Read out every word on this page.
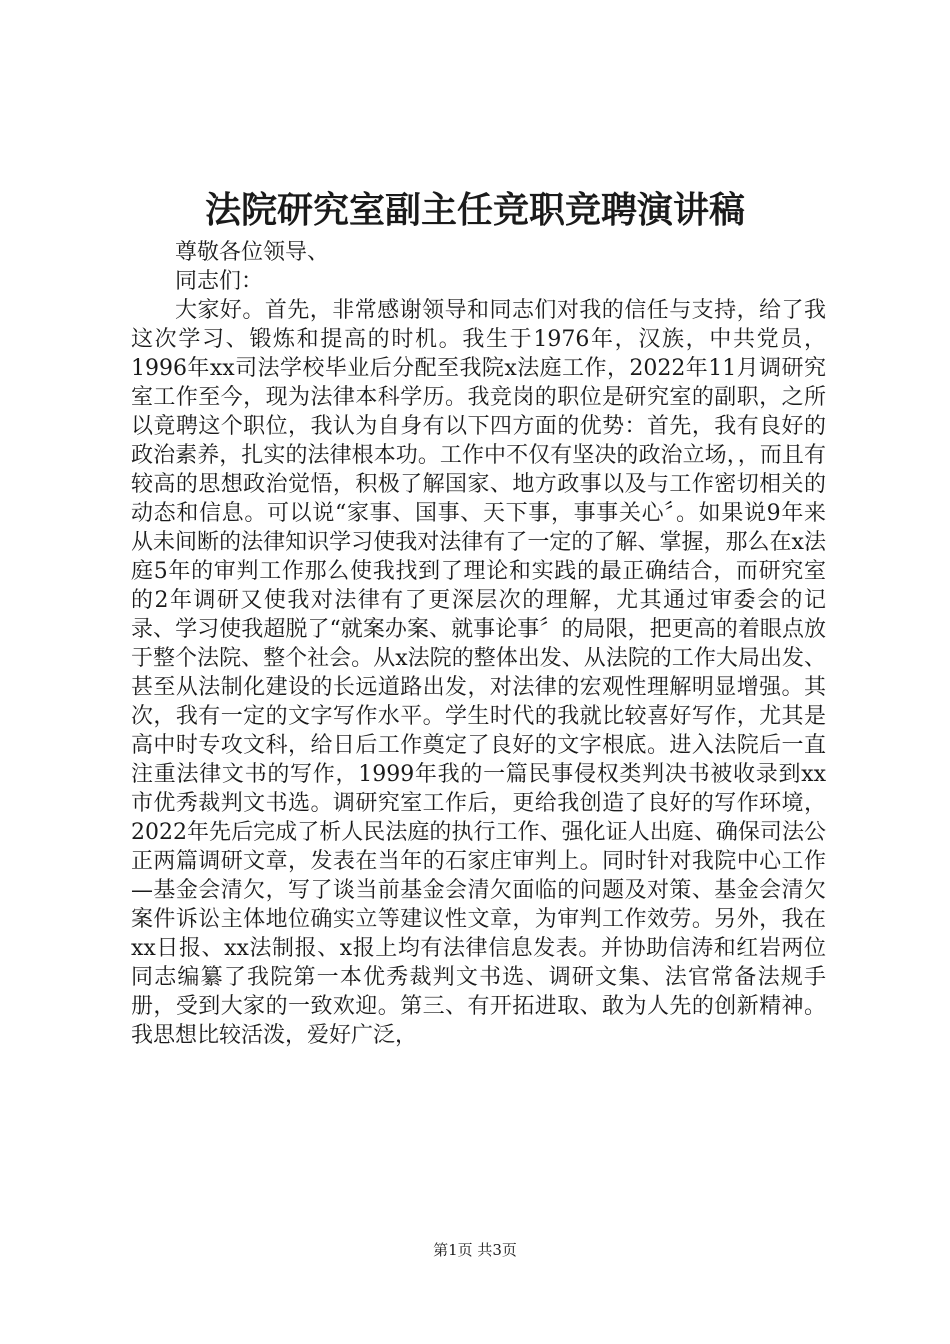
法院研究室副主任竞职竞聘演讲稿

尊敬各位领导、

同志们：

大家好。首先，非常感谢领导和同志们对我的信任与支持，给了我这次学习、锻炼和提高的时机。我生于1976年，汉族，中共党员，1996年xx司法学校毕业后分配至我院x法庭工作，2022年11月调研究室工作至今，现为法律本科学历。我竞岗的职位是研究室的副职，之所以竟聘这个职位，我认为自身有以下四方面的优势：首先，我有良好的政治素养，扎实的法律根本功。工作中不仅有坚决的政治立场，，而且有较高的思想政治觉悟，积极了解国家、地方政事以及与工作密切相关的动态和信息。可以说“家事、国事、天下事，事事关心〞。如果说9年来从未间断的法律知识学习使我对法律有了一定的了解、掌握，那么在x法庭5年的审判工作那么使我找到了理论和实践的最正确结合，而研究室的2年调研又使我对法律有了更深层次的理解，尤其通过审委会的记录、学习使我超脱了“就案办案、就事论事〞的局限，把更高的着眼点放于整个法院、整个社会。从x法院的整体出发、从法院的工作大局出发、甚至从法制化建设的长远道路出发，对法律的宏观性理解明显增强。其次，我有一定的文字写作水平。学生时代的我就比较喜好写作，尤其是高中时专攻文科，给日后工作奠定了良好的文字根底。进入法院后一直注重法律文书的写作，1999年我的一篇民事侵权类判决书被收录到xx市优秀裁判文书选。调研究室工作后，更给我创造了良好的写作环境，2022年先后完成了析人民法庭的执行工作、强化证人出庭、确保司法公正两篇调研文章，发表在当年的石家庄审判上。同时针对我院中心工作—基金会清欠，写了谈当前基金会清欠面临的问题及对策、基金会清欠案件诉讼主体地位确实立等建议性文章，为审判工作效劳。另外，我在xx日报、xx法制报、x报上均有法律信息发表。并协助信涛和红岩两位同志编纂了我院第一本优秀裁判文书选、调研文集、法官常备法规手册，受到大家的一致欢迎。第三、有开拓进取、敢为人先的创新精神。我思想比较活泼，爱好广泛，

第1页 共3页
